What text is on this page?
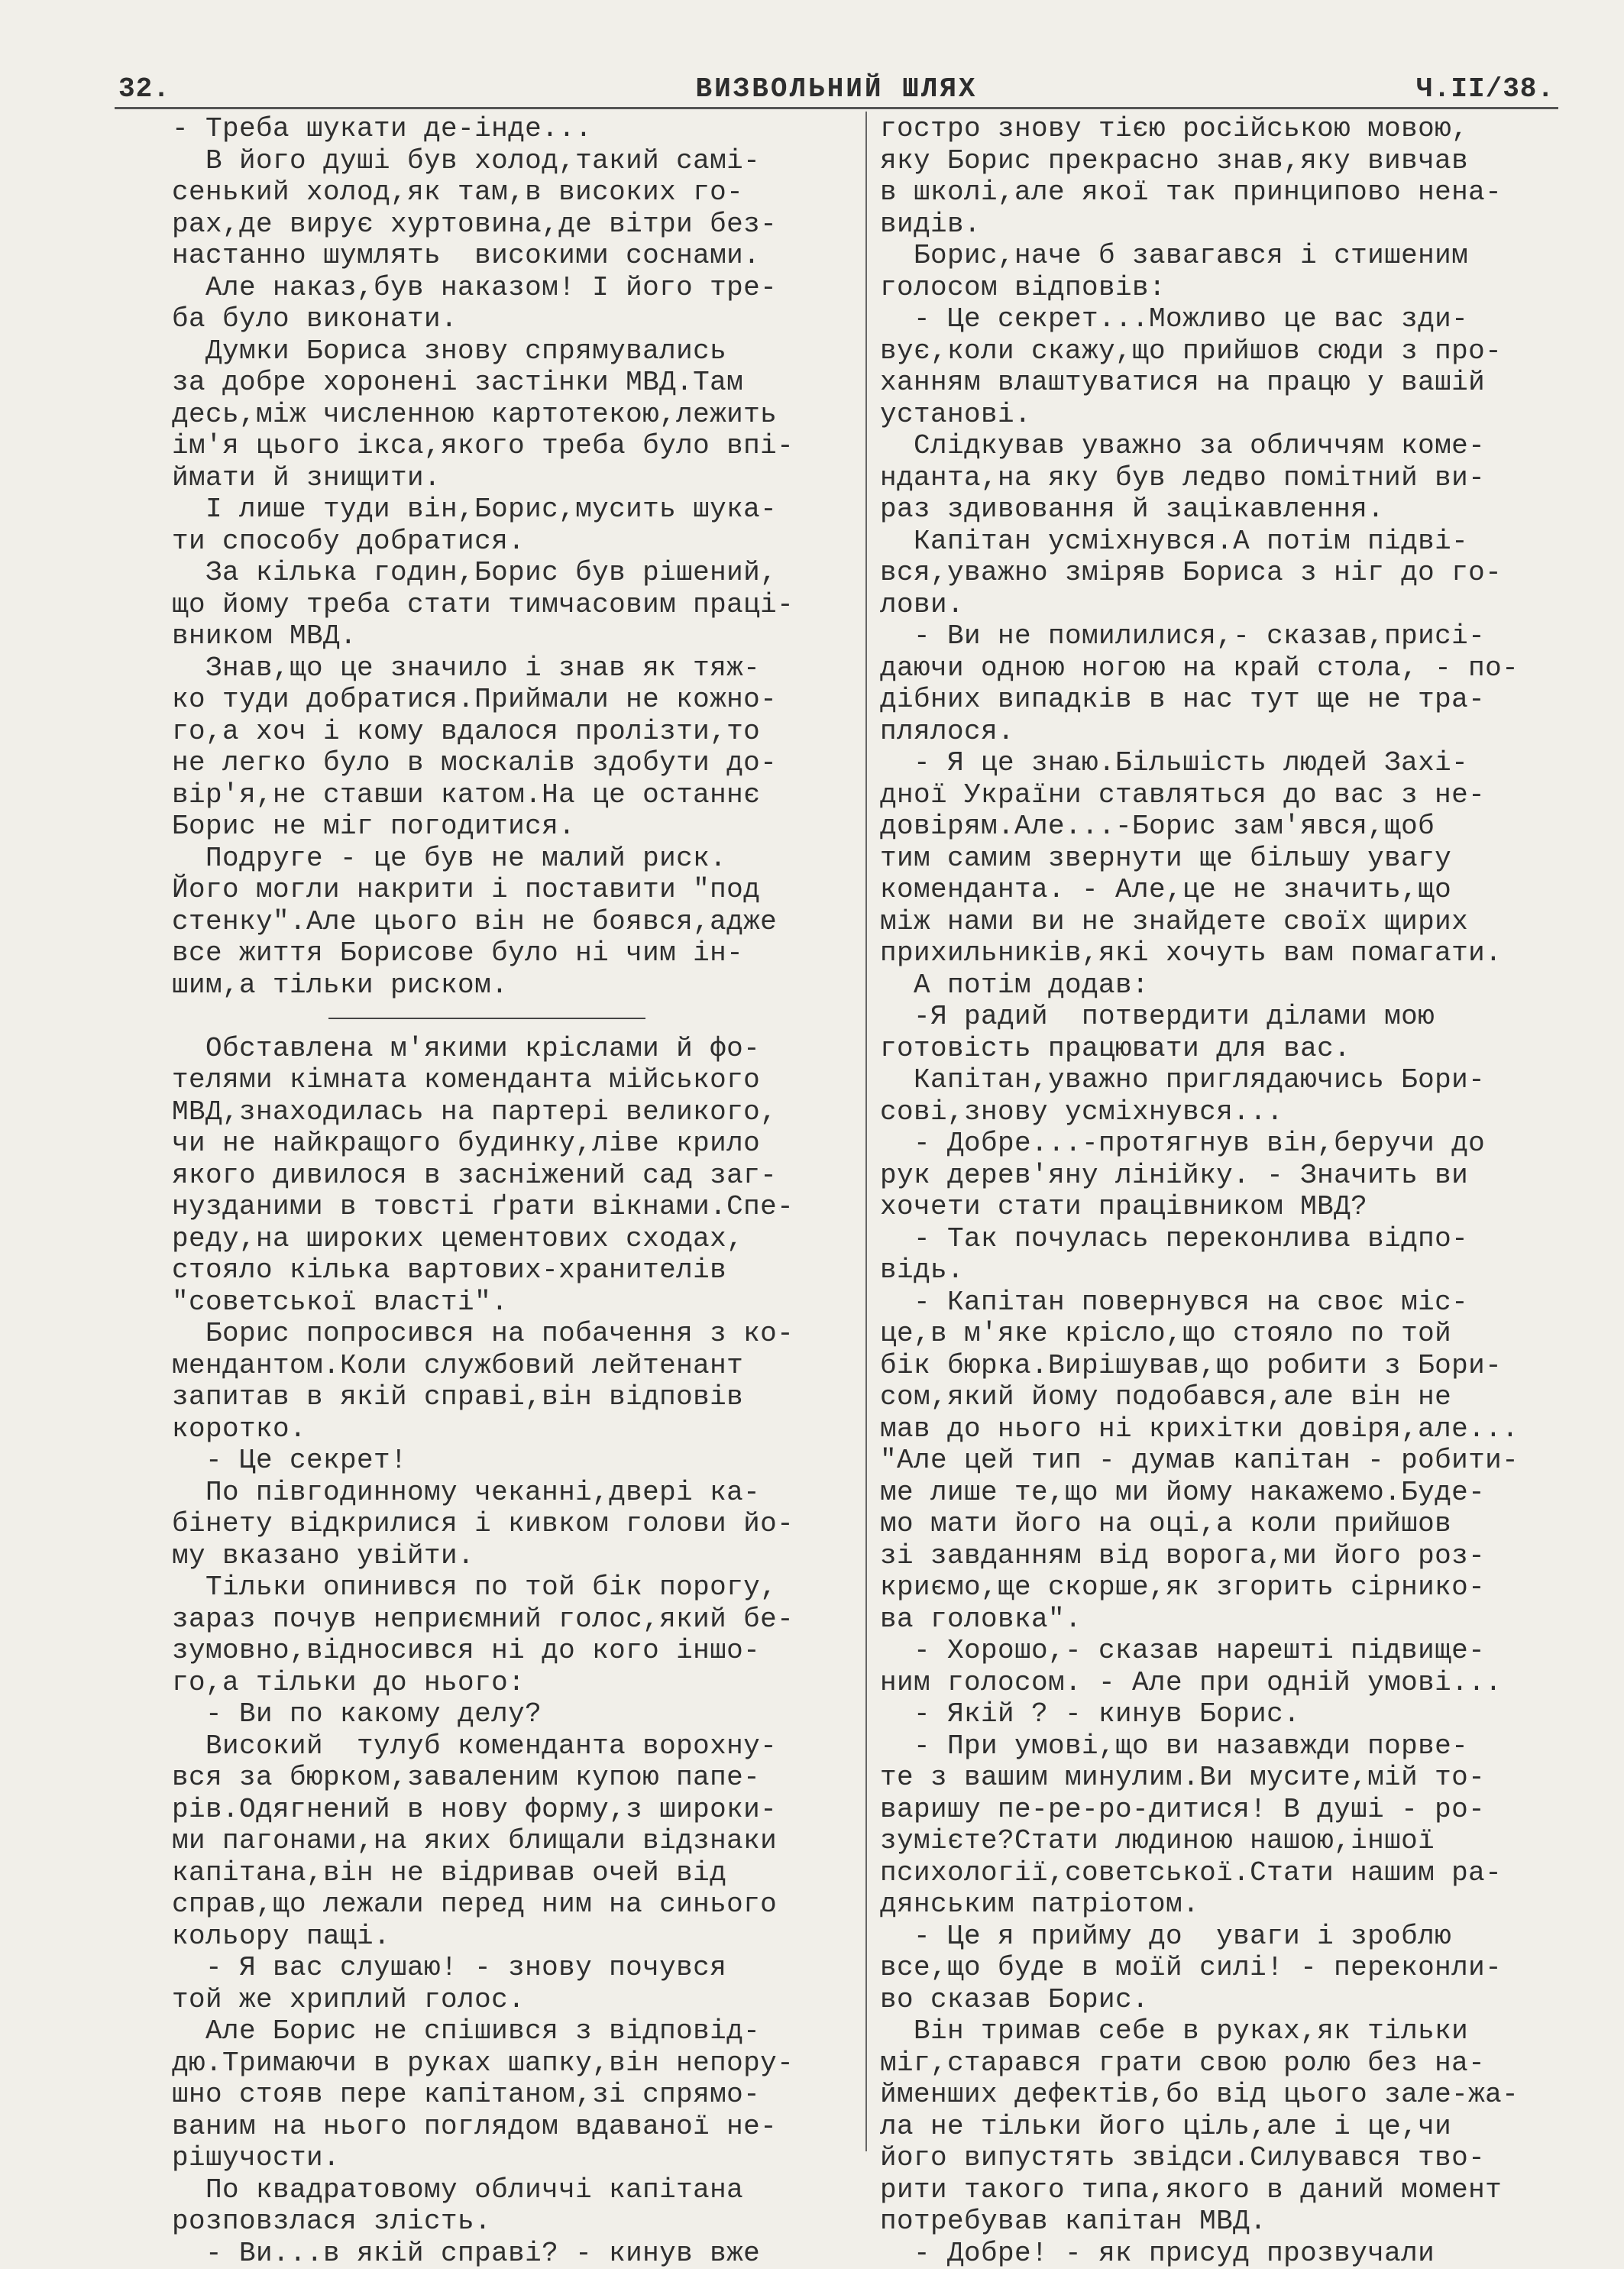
32.	ВИЗВОЛЬНИЙ ШЛЯХ	Ч.II/38.
- Треба шукати де-інде...
В його душі був холод,такий самі-
сенький холод,як там,в високих го-
рах,де вирує хуртовина,де вітри без-
настанно шумлять  високими соснами.
Але наказ,був наказом! І його тре-
ба було виконати.
Думки Бориса знову спрямувались
за добре хоронені застінки МВД.Там
десь,між численною картотекою,лежить
ім'я цього ікса,якого треба було впі-
ймати й знищити.
І лише туди він,Борис,мусить шука-
ти способу добратися.
За кілька годин,Борис був рішений,
що йому треба стати тимчасовим праці-
вником МВД.
Знав,що це значило і знав як тяж-
ко туди добратися.Приймали не кожно-
го,а хоч і кому вдалося пролізти,то
не легко було в москалів здобути до-
вір'я,не ставши катом.На це останнє
Борис не міг погодитися.
Подруге - це був не малий риск.
Його могли накрити і поставити "под
стенку".Але цього він не боявся,адже
все життя Борисове було ні чим ін-
шим,а тільки риском.
Обставлена м'якими кріслами й фо-
телями кімната коменданта мійського
МВД,знаходилась на партері великого,
чи не найкращого будинку,ліве крило
якого дивилося в засніжений сад заг-
нузданими в товсті ґрати вікнами.Спе-
реду,на широких цементових сходах,
стояло кілька вартових-хранителів
"советської власті".
Борис попросився на побачення з ко-
мендантом.Коли службовий лейтенант
запитав в якій справі,він відповів
коротко.
- Це секрет!
По півгодинному чеканні,двері ка-
бінету відкрилися і кивком голови йо-
му вказано увійти.
Тільки опинився по той бік порогу,
зараз почув неприємний голос,який бе-
зумовно,відносився ні до кого іншо-
го,а тільки до нього:
- Ви по какому делу?
Високий  тулуб коменданта ворохну-
вся за бюрком,заваленим купою папе-
рів.Одягнений в нову форму,з широки-
ми пагонами,на яких блищали відзнаки
капітана,він не відривав очей від
справ,що лежали перед ним на синього
кольору пащі.
- Я вас слушаю! - знову почувся
той же хриплий голос.
Але Борис не спішився з відповід-
дю.Тримаючи в руках шапку,він непору-
шно стояв пере капітаном,зі спрямо-
ваним на нього поглядом вдаваної не-
рішучости.
По квадратовому обличчі капітана
розповзлася злість.
- Ви...в якій справі? - кинув вже
гостро знову тією російською мовою,
яку Борис прекрасно знав,яку вивчав
в школі,але якої так принципово нена-
видів.
Борис,наче б завагався і стишеним
голосом відповів:
- Це секрет...Можливо це вас зди-
вує,коли скажу,що прийшов сюди з про-
ханням влаштуватися на працю у вашій
установі.
Слідкував уважно за обличчям коме-
нданта,на яку був ледво помітний ви-
раз здивовання й зацікавлення.
Капітан усміхнувся.А потім підві-
вся,уважно зміряв Бориса з ніг до го-
лови.
- Ви не помилилися,- сказав,присі-
даючи одною ногою на край стола, - по-
дібних випадків в нас тут ще не тра-
плялося.
- Я це знаю.Більшість людей Захі-
дної України ставляться до вас з не-
довірям.Але...-Борис зам'явся,щоб
тим самим звернути ще більшу увагу
коменданта. - Але,це не значить,що
між нами ви не знайдете своїх щирих
прихильників,які хочуть вам помагати.
А потім додав:
-Я радий  потвердити ділами мою
готовість працювати для вас.
Капітан,уважно приглядаючись Бори-
сові,знову усміхнувся...
- Добре...-протягнув він,беручи до
рук дерев'яну лінійку. - Значить ви
хочети стати працівником МВД?
- Так почулась переконлива відпо-
відь.
- Капітан повернувся на своє міс-
це,в м'яке крісло,що стояло по той
бік бюрка.Вирішував,що робити з Бори-
сом,який йому подобався,але він не
мав до нього ні крихітки довіря,але...
"Але цей тип - думав капітан - робити-
ме лише те,що ми йому накажемо.Буде-
мо мати його на оці,а коли прийшов
зі завданням від ворога,ми його роз-
криємо,ще скорше,як згорить сірнико-
ва головка".
- Хорошо,- сказав нарешті підвище-
ним голосом. - Але при одній умові...
- Якій ? - кинув Борис.
- При умові,що ви назавжди порве-
те з вашим минулим.Ви мусите,мій то-
варишу пе-ре-ро-дитися! В душі - ро-
зумієте?Стати людиною нашою,іншої
психології,советської.Стати нашим ра-
дянським патріотом.
- Це я прийму до  уваги і зроблю
все,що буде в моїй силі! - переконли-
во сказав Борис.
Він тримав себе в руках,як тільки
міг,старався грати свою ролю без на-
йменших дефектів,бо від цього зале-жа-
ла не тільки його ціль,але і це,чи
його випустять звідси.Силувався тво-
рити такого типа,якого в даний момент
потребував капітан МВД.
- Добре! - як присуд прозвучали
